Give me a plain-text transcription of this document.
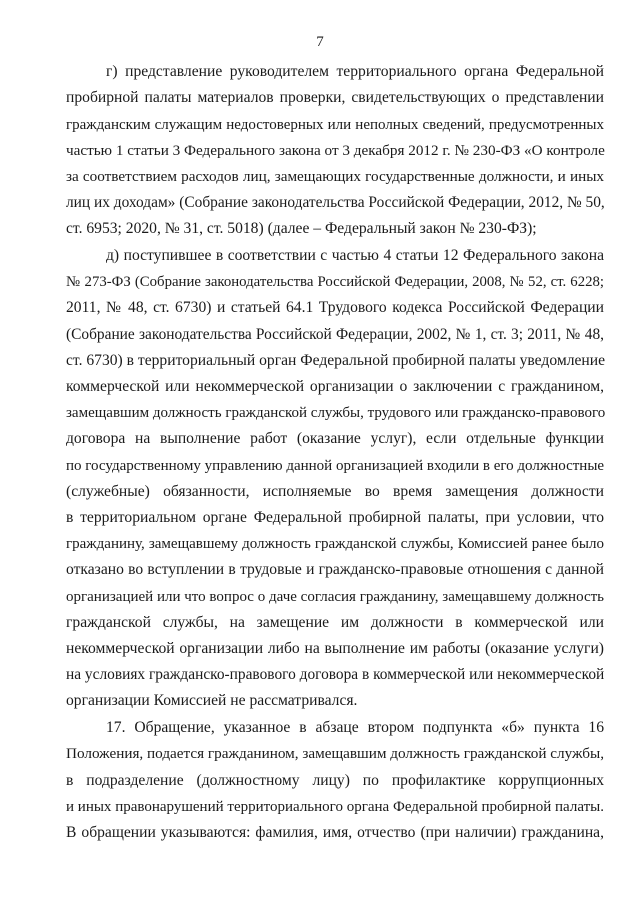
7
г) представление руководителем территориального органа Федеральной
пробирной палаты материалов проверки, свидетельствующих о представлении
гражданским служащим недостоверных или неполных сведений, предусмотренных
частью 1 статьи 3 Федерального закона от 3 декабря 2012 г. № 230-ФЗ «О контроле
за соответствием расходов лиц, замещающих государственные должности, и иных
лиц их доходам» (Собрание законодательства Российской Федерации, 2012, № 50,
ст. 6953; 2020, № 31, ст. 5018) (далее – Федеральный закон № 230-ФЗ);
д) поступившее в соответствии с частью 4 статьи 12 Федерального закона
№ 273-ФЗ (Собрание законодательства Российской Федерации, 2008, № 52, ст. 6228;
2011, № 48, ст. 6730) и статьей 64.1 Трудового кодекса Российской Федерации
(Собрание законодательства Российской Федерации, 2002, № 1, ст. 3; 2011, № 48,
ст. 6730) в территориальный орган Федеральной пробирной палаты уведомление
коммерческой или некоммерческой организации о заключении с гражданином,
замещавшим должность гражданской службы, трудового или гражданско-правового
договора на выполнение работ (оказание услуг), если отдельные функции
по государственному управлению данной организацией входили в его должностные
(служебные) обязанности, исполняемые во время замещения должности
в территориальном органе Федеральной пробирной палаты, при условии, что
гражданину, замещавшему должность гражданской службы, Комиссией ранее было
отказано во вступлении в трудовые и гражданско-правовые отношения с данной
организацией или что вопрос о даче согласия гражданину, замещавшему должность
гражданской службы, на замещение им должности в коммерческой или
некоммерческой организации либо на выполнение им работы (оказание услуги)
на условиях гражданско-правового договора в коммерческой или некоммерческой
организации Комиссией не рассматривался.
17. Обращение, указанное в абзаце втором подпункта «б» пункта 16
Положения, подается гражданином, замещавшим должность гражданской службы,
в подразделение (должностному лицу) по профилактике коррупционных
и иных правонарушений территориального органа Федеральной пробирной палаты.
В обращении указываются: фамилия, имя, отчество (при наличии) гражданина,
